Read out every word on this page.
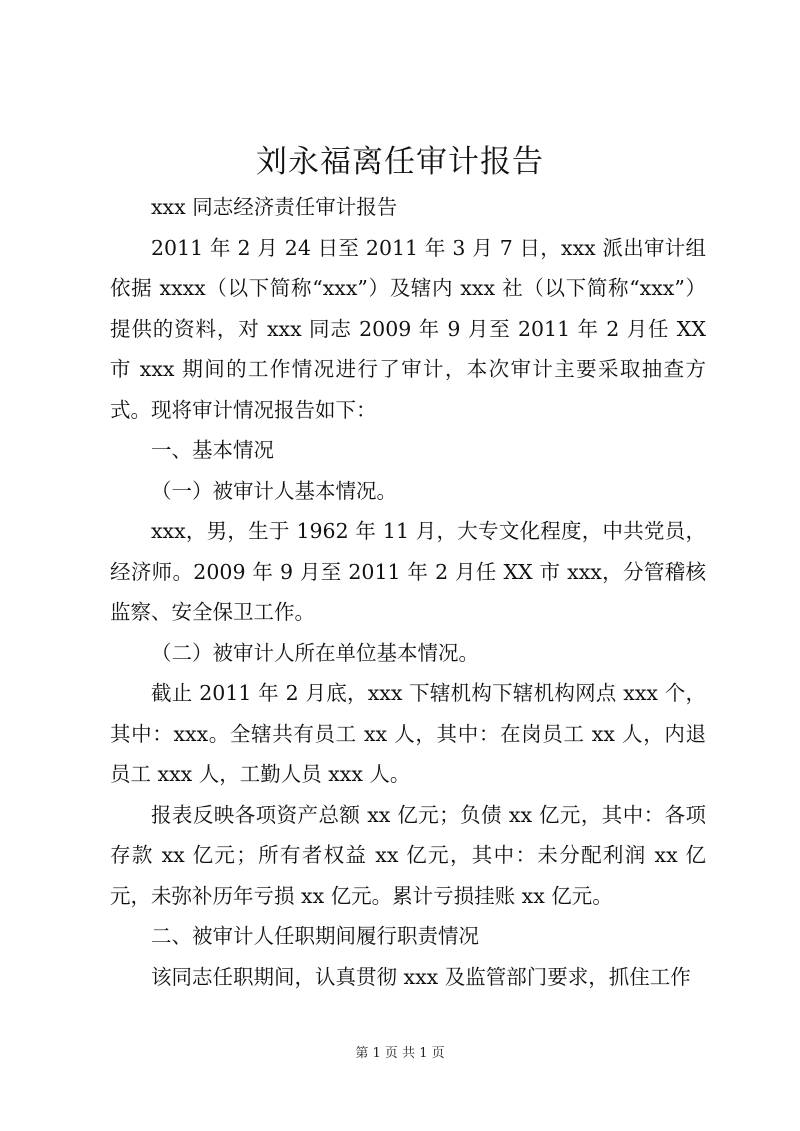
刘永福离任审计报告

xxx 同志经济责任审计报告

2011 年 2 月 24 日至 2011 年 3 月 7 日，xxx 派出审计组依据 xxxx（以下简称“xxx”）及辖内 xxx 社（以下简称“xxx”）提供的资料，对 xxx 同志 2009 年 9 月至 2011 年 2 月任 XX 市 xxx 期间的工作情况进行了审计，本次审计主要采取抽查方式。现将审计情况报告如下：

一、基本情况

（一）被审计人基本情况。

xxx，男，生于 1962 年 11 月，大专文化程度，中共党员，经济师。2009 年 9 月至 2011 年 2 月任 XX 市 xxx，分管稽核监察、安全保卫工作。

（二）被审计人所在单位基本情况。

截止 2011 年 2 月底，xxx 下辖机构下辖机构网点 xxx 个，其中：xxx。全辖共有员工 xx 人，其中：在岗员工 xx 人，内退员工 xxx 人，工勤人员 xxx 人。

报表反映各项资产总额 xx 亿元；负债 xx 亿元，其中：各项存款 xx 亿元；所有者权益 xx 亿元，其中：未分配利润 xx 亿元，未弥补历年亏损 xx 亿元。累计亏损挂账 xx 亿元。

二、被审计人任职期间履行职责情况

该同志任职期间，认真贯彻 xxx 及监管部门要求，抓住工作

第 1 页 共 1 页
